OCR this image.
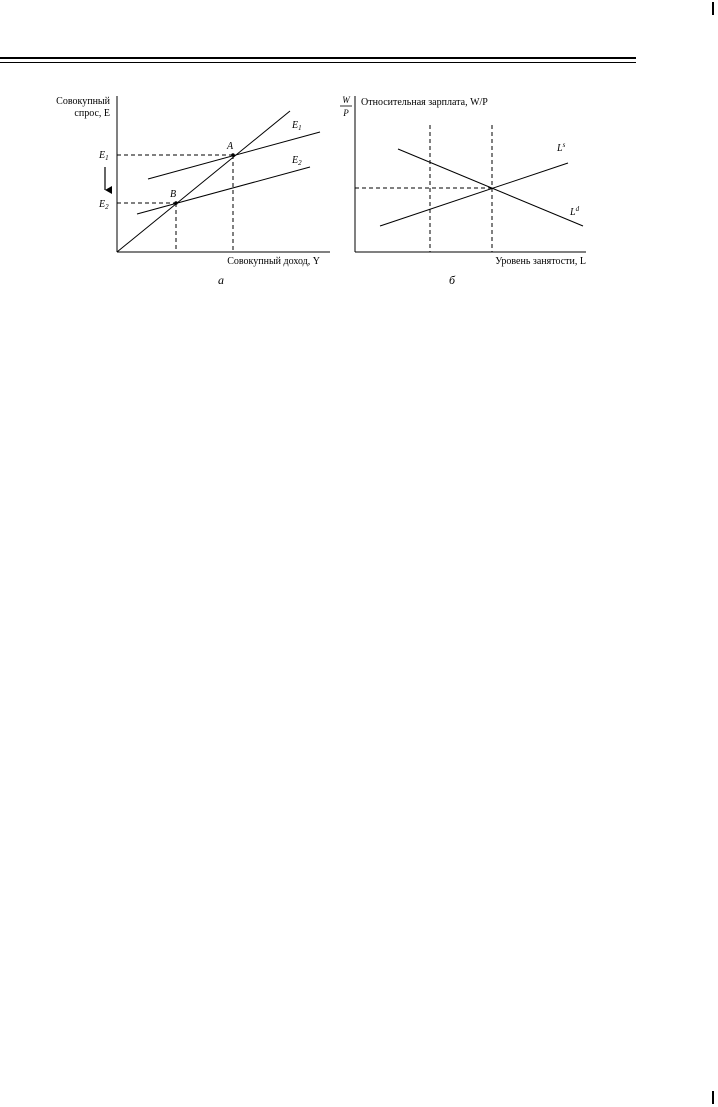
Совокупный
спрос, E
$E_1$
$E_2$
$E_1$
$E_2$
A
B
Совокупный доход, Y
а
W
P
Относительная зарплата, W/P
$L^s$
$L^d$
Уровень занятости, L
б
